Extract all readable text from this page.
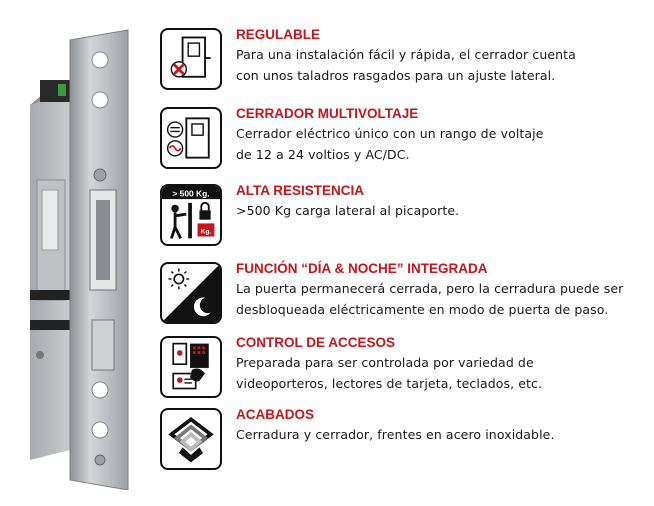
REGULABLE
Para una instalación fácil y rápida, el cerrador cuenta
con unos taladros rasgados para un ajuste lateral.
CERRADOR MULTIVOLTAJE
Cerrador eléctrico único con un rango de voltaje
de 12 a 24 voltios y AC/DC.
> 500 Kg.
Kg.
ALTA RESISTENCIA
>500 Kg carga lateral al picaporte.
FUNCIÓN “DÍA & NOCHE” INTEGRADA
La puerta permanecerá cerrada, pero la cerradura puede ser
desbloqueada eléctricamente en modo de puerta de paso.
CONTROL DE ACCESOS
Preparada para ser controlada por variedad de
videoporteros, lectores de tarjeta, teclados, etc.
ACABADOS
Cerradura y cerrador, frentes en acero inoxidable.
